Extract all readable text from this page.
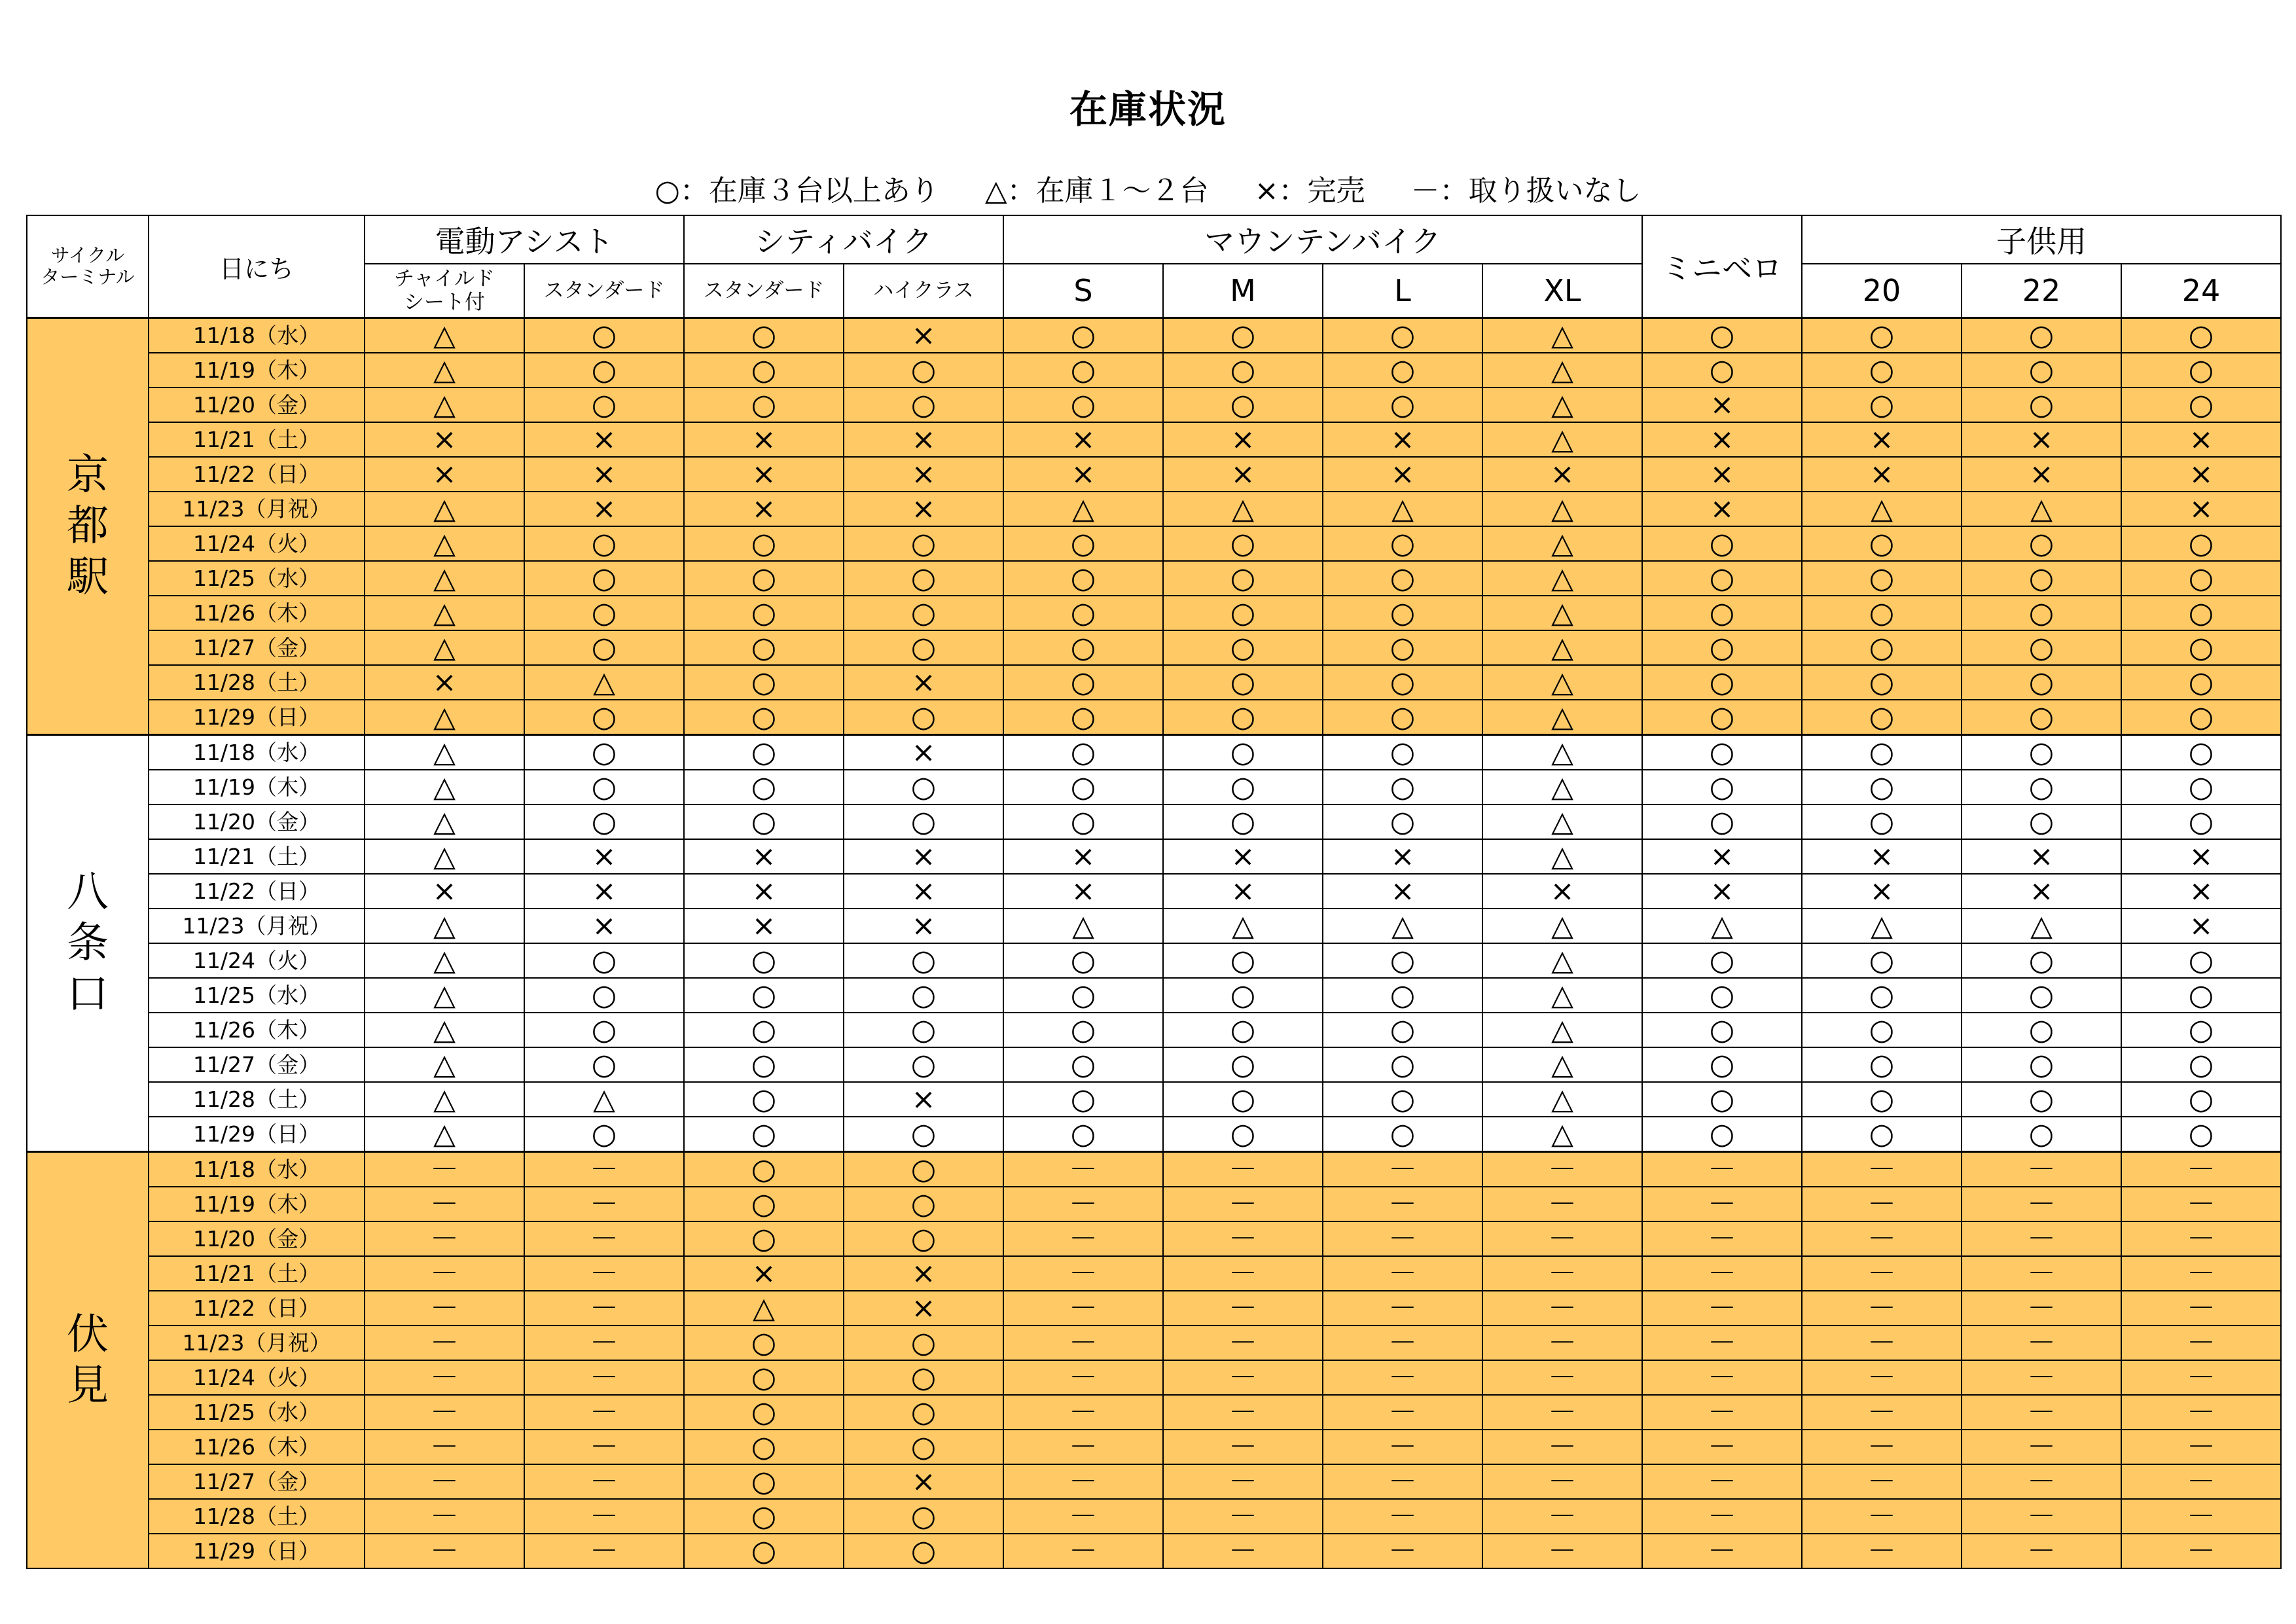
在庫状況
○：在庫３台以上あり △：在庫１～２台 ×：完売 －：取り扱いなし
サイクル
ターミナル	日にち	電動アシスト		シティバイク		マウンテンバイク				ミニベロ	子供用		
		チャイルド
シート付	スタンダード	スタンダード	ハイクラス	S	M	L	XL		20	22	24
京
都
駅	11/18（水）	△	○	○	×	○	○	○	△	○	○	○	○
	11/19（木）	△	○	○	○	○	○	○	△	○	○	○	○
	11/20（金）	△	○	○	○	○	○	○	△	×	○	○	○
	11/21（土）	×	×	×	×	×	×	×	△	×	×	×	×
	11/22（日）	×	×	×	×	×	×	×	×	×	×	×	×
	11/23（月祝）	△	×	×	×	△	△	△	△	×	△	△	×
	11/24（火）	△	○	○	○	○	○	○	△	○	○	○	○
	11/25（水）	△	○	○	○	○	○	○	△	○	○	○	○
	11/26（木）	△	○	○	○	○	○	○	△	○	○	○	○
	11/27（金）	△	○	○	○	○	○	○	△	○	○	○	○
	11/28（土）	×	△	○	×	○	○	○	△	○	○	○	○
	11/29（日）	△	○	○	○	○	○	○	△	○	○	○	○
八
条
口	11/18（水）	△	○	○	×	○	○	○	△	○	○	○	○
	11/19（木）	△	○	○	○	○	○	○	△	○	○	○	○
	11/20（金）	△	○	○	○	○	○	○	△	○	○	○	○
	11/21（土）	△	×	×	×	×	×	×	△	×	×	×	×
	11/22（日）	×	×	×	×	×	×	×	×	×	×	×	×
	11/23（月祝）	△	×	×	×	△	△	△	△	△	△	△	×
	11/24（火）	△	○	○	○	○	○	○	△	○	○	○	○
	11/25（水）	△	○	○	○	○	○	○	△	○	○	○	○
	11/26（木）	△	○	○	○	○	○	○	△	○	○	○	○
	11/27（金）	△	○	○	○	○	○	○	△	○	○	○	○
	11/28（土）	△	△	○	×	○	○	○	△	○	○	○	○
	11/29（日）	△	○	○	○	○	○	○	△	○	○	○	○
伏
見	11/18（水）	－	－	○	○	－	－	－	－	－	－	－	－
	11/19（木）	－	－	○	○	－	－	－	－	－	－	－	－
	11/20（金）	－	－	○	○	－	－	－	－	－	－	－	－
	11/21（土）	－	－	×	×	－	－	－	－	－	－	－	－
	11/22（日）	－	－	△	×	－	－	－	－	－	－	－	－
	11/23（月祝）	－	－	○	○	－	－	－	－	－	－	－	－
	11/24（火）	－	－	○	○	－	－	－	－	－	－	－	－
	11/25（水）	－	－	○	○	－	－	－	－	－	－	－	－
	11/26（木）	－	－	○	○	－	－	－	－	－	－	－	－
	11/27（金）	－	－	○	×	－	－	－	－	－	－	－	－
	11/28（土）	－	－	○	○	－	－	－	－	－	－	－	－
	11/29（日）	－	－	○	○	－	－	－	－	－	－	－	－
